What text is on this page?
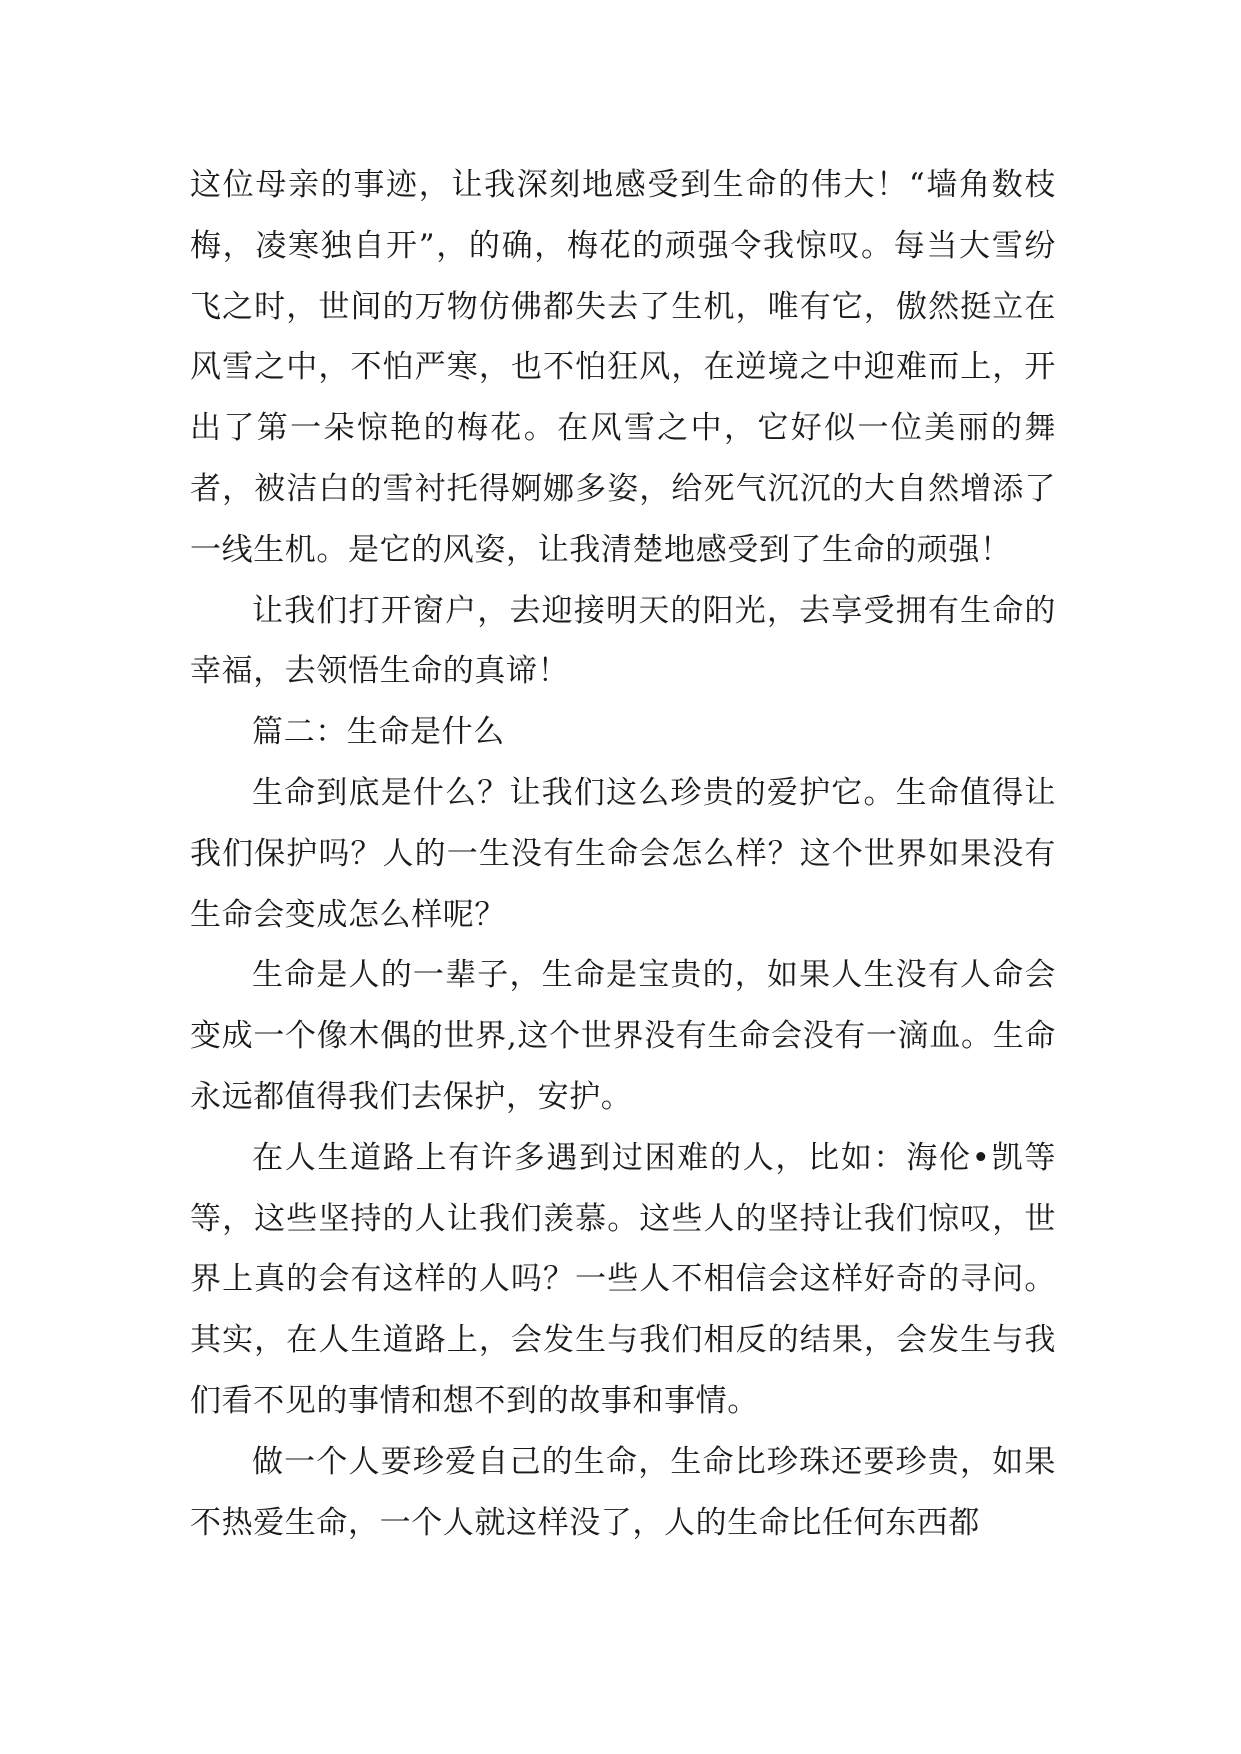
这位母亲的事迹，让我深刻地感受到生命的伟大！“墙角数枝梅，凌寒独自开”，的确，梅花的顽强令我惊叹。每当大雪纷飞之时，世间的万物仿佛都失去了生机，唯有它，傲然挺立在风雪之中，不怕严寒，也不怕狂风，在逆境之中迎难而上，开出了第一朵惊艳的梅花。在风雪之中，它好似一位美丽的舞者，被洁白的雪衬托得婀娜多姿，给死气沉沉的大自然增添了一线生机。是它的风姿，让我清楚地感受到了生命的顽强！

让我们打开窗户，去迎接明天的阳光，去享受拥有生命的幸福，去领悟生命的真谛！

篇二：生命是什么

生命到底是什么？让我们这么珍贵的爱护它。生命值得让我们保护吗？人的一生没有生命会怎么样？这个世界如果没有生命会变成怎么样呢？

生命是人的一辈子，生命是宝贵的，如果人生没有人命会变成一个像木偶的世界,这个世界没有生命会没有一滴血。生命永远都值得我们去保护，安护。

在人生道路上有许多遇到过困难的人，比如：海伦•凯等等，这些坚持的人让我们羡慕。这些人的坚持让我们惊叹，世界上真的会有这样的人吗？一些人不相信会这样好奇的寻问。其实，在人生道路上，会发生与我们相反的结果，会发生与我们看不见的事情和想不到的故事和事情。

做一个人要珍爱自己的生命，生命比珍珠还要珍贵，如果不热爱生命，一个人就这样没了，人的生命比任何东西都
